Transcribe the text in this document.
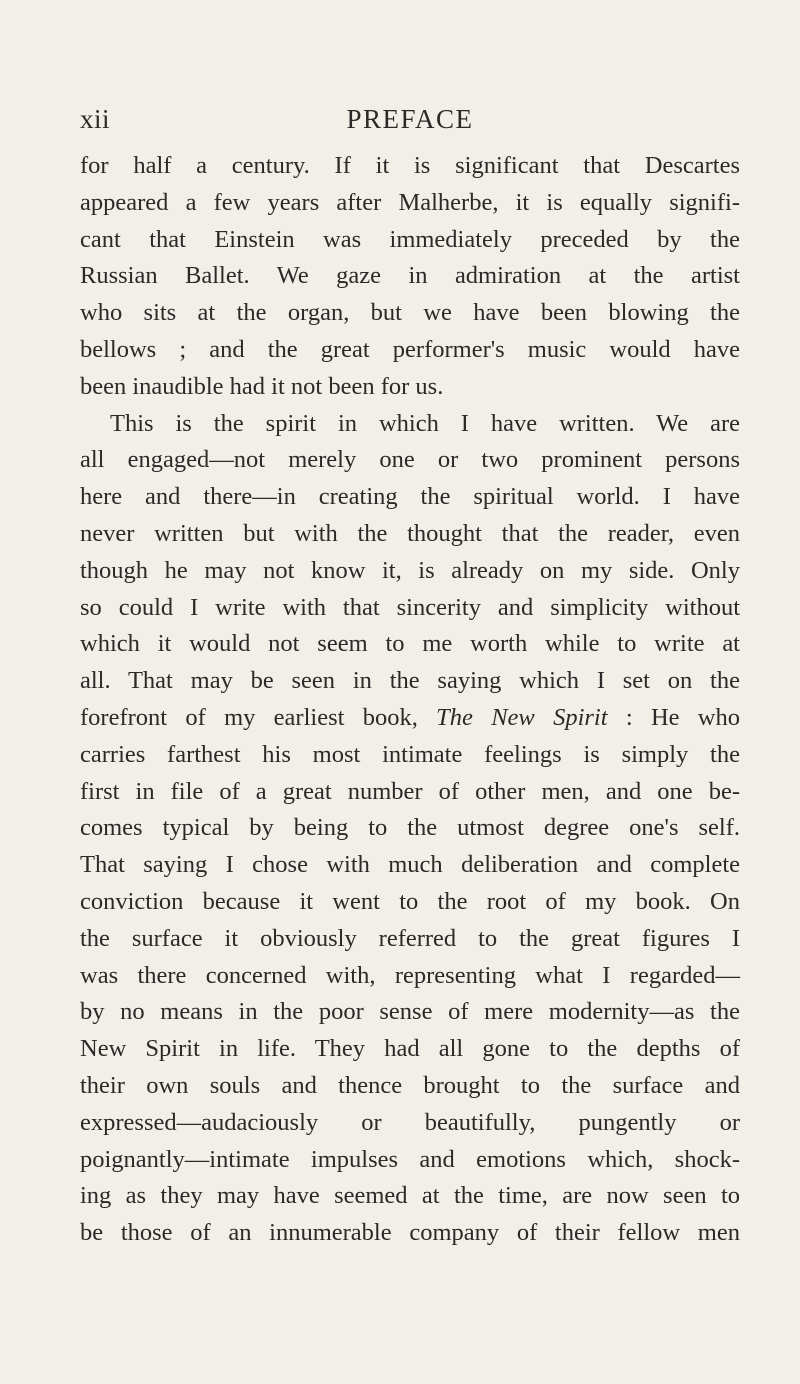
xii	PREFACE
for half a century. If it is significant that Descartes
appeared a few years after Malherbe, it is equally signifi-
cant that Einstein was immediately preceded by the
Russian Ballet. We gaze in admiration at the artist
who sits at the organ, but we have been blowing the
bellows ; and the great performer's music would have
been inaudible had it not been for us.
This is the spirit in which I have written. We are
all engaged—not merely one or two prominent persons
here and there—in creating the spiritual world. I have
never written but with the thought that the reader, even
though he may not know it, is already on my side. Only
so could I write with that sincerity and simplicity without
which it would not seem to me worth while to write at
all. That may be seen in the saying which I set on the
forefront of my earliest book, The New Spirit : He who
carries farthest his most intimate feelings is simply the
first in file of a great number of other men, and one be-
comes typical by being to the utmost degree one's self.
That saying I chose with much deliberation and complete
conviction because it went to the root of my book. On
the surface it obviously referred to the great figures I
was there concerned with, representing what I regarded—
by no means in the poor sense of mere modernity—as the
New Spirit in life. They had all gone to the depths of
their own souls and thence brought to the surface and
expressed—audaciously or beautifully, pungently or
poignantly—intimate impulses and emotions which, shock-
ing as they may have seemed at the time, are now seen to
be those of an innumerable company of their fellow men
